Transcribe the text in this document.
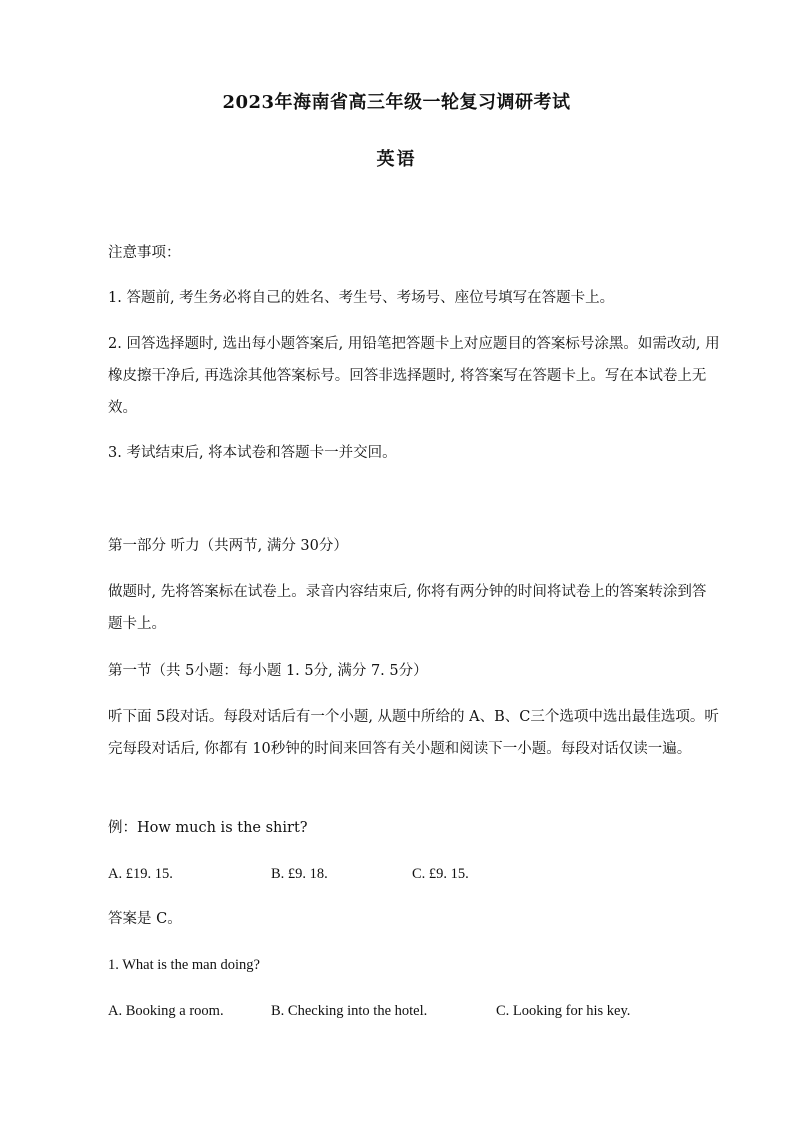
2023年海南省高三年级一轮复习调研考试
英语
注意事项：
1. 答题前, 考生务必将自己的姓名、考生号、考场号、座位号填写在答题卡上。
2. 回答选择题时, 选出每小题答案后, 用铅笔把答题卡上对应题目的答案标号涂黑。如需改动, 用橡皮擦干净后, 再选涂其他答案标号。回答非选择题时, 将答案写在答题卡上。写在本试卷上无效。
3. 考试结束后, 将本试卷和答题卡一并交回。
第一部分 听力（共两节, 满分 30分）
做题时, 先将答案标在试卷上。录音内容结束后, 你将有两分钟的时间将试卷上的答案转涂到答题卡上。
第一节（共 5小题：每小题 1. 5分, 满分 7. 5分）
听下面 5段对话。每段对话后有一个小题, 从题中所给的 A、B、C三个选项中选出最佳选项。听完每段对话后, 你都有 10秒钟的时间来回答有关小题和阅读下一小题。每段对话仅读一遍。
例：How much is the shirt?
A. £19. 15.	B. £9. 18.	C. £9. 15.
答案是 C。
1. What is the man doing?
A. Booking a room.	B. Checking into the hotel.	C. Looking for his key.
